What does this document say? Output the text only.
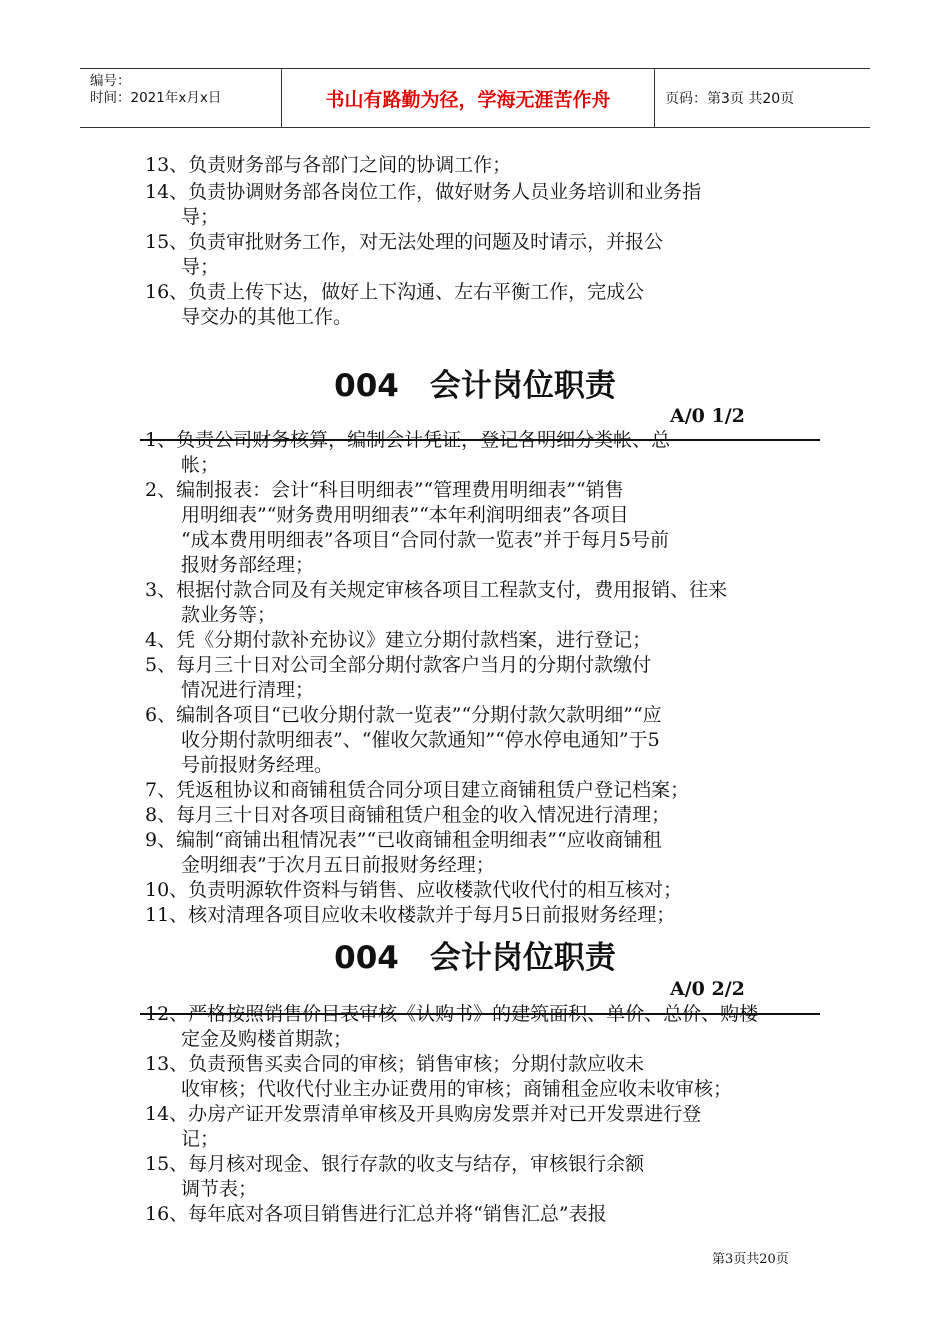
编号：
时间：2021年x月x日	书山有路勤为径，学海无涯苦作舟	页码：第3页 共20页
13、负责财务部与各部门之间的协调工作；
14、负责协调财务部各岗位工作，做好财务人员业务培训和业务指
导；
15、负责审批财务工作，对无法处理的问题及时请示，并报公
导；
16、负责上传下达，做好上下沟通、左右平衡工作，完成公
导交办的其他工作。
004　会计岗位职责
A/0 1/2
1、负责公司财务核算，编制会计凭证，登记各明细分类帐、总
帐；
2、编制报表：会计“科目明细表”“管理费用明细表”“销售
用明细表”“财务费用明细表”“本年利润明细表”各项目
“成本费用明细表”各项目“合同付款一览表”并于每月5号前
报财务部经理；
3、根据付款合同及有关规定审核各项目工程款支付，费用报销、往来
款业务等；
4、凭《分期付款补充协议》建立分期付款档案，进行登记；
5、每月三十日对公司全部分期付款客户当月的分期付款缴付
情况进行清理；
6、编制各项目“已收分期付款一览表”“分期付款欠款明细”“应
收分期付款明细表”、“催收欠款通知”“停水停电通知”于5
号前报财务经理。
7、凭返租协议和商铺租赁合同分项目建立商铺租赁户登记档案；
8、每月三十日对各项目商铺租赁户租金的收入情况进行清理；
9、编制“商铺出租情况表”“已收商铺租金明细表”“应收商铺租
金明细表”于次月五日前报财务经理；
10、负责明源软件资料与销售、应收楼款代收代付的相互核对；
11、核对清理各项目应收未收楼款并于每月5日前报财务经理；
004　会计岗位职责
A/0 2/2
12、严格按照销售价目表审核《认购书》的建筑面积、单价、总价、购楼
定金及购楼首期款；
13、负责预售买卖合同的审核；销售审核；分期付款应收未
收审核；代收代付业主办证费用的审核；商铺租金应收未收审核；
14、办房产证开发票清单审核及开具购房发票并对已开发票进行登
记；
15、每月核对现金、银行存款的收支与结存，审核银行余额
调节表；
16、每年底对各项目销售进行汇总并将“销售汇总”表报
第3页共20页
